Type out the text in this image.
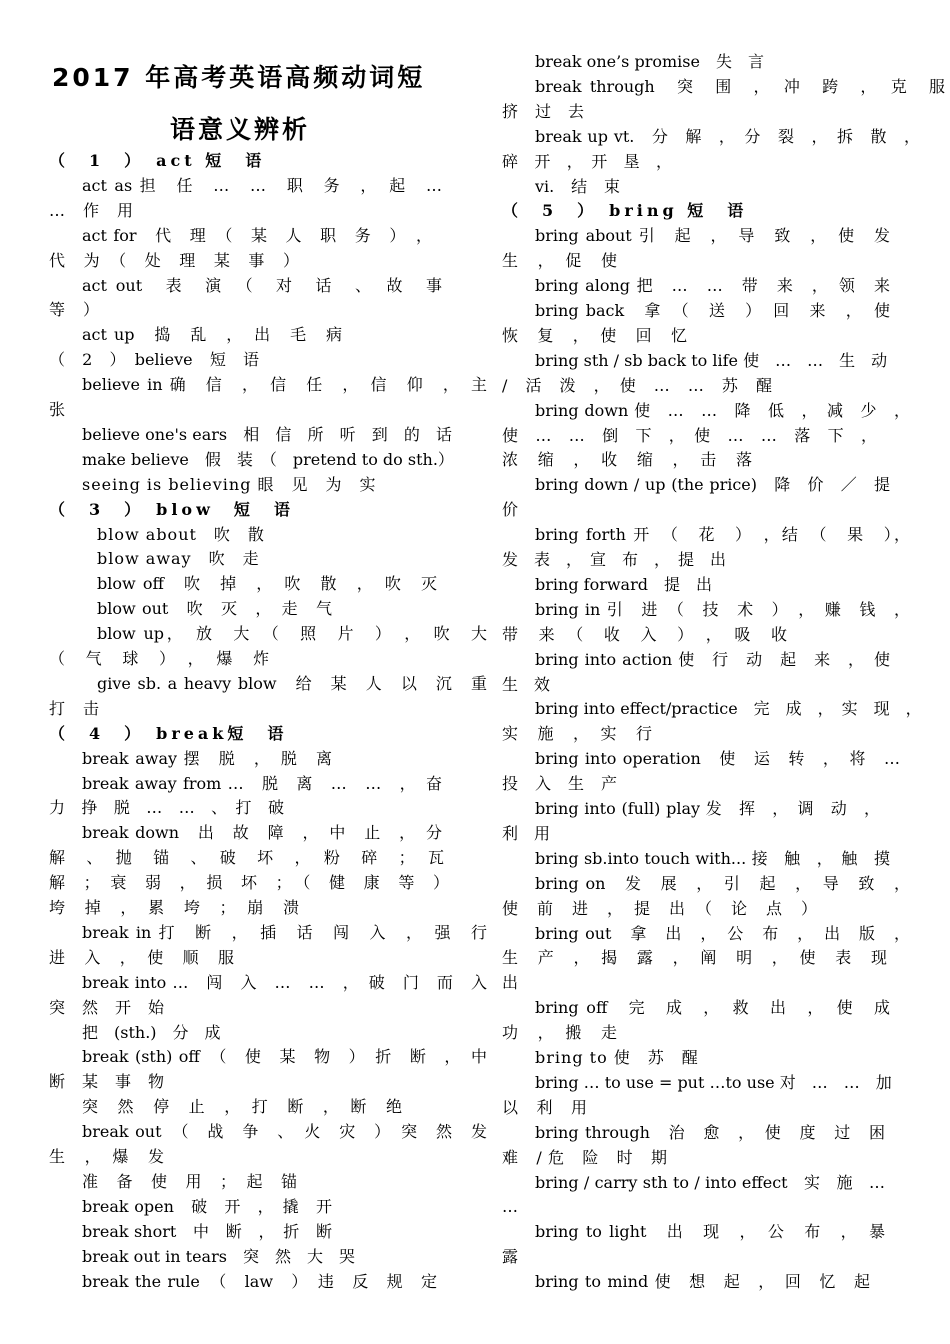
2017 年高考英语高频动词短
语意义辨析
（　1　）　act 短　语
act as 担　任　…　…　职　务　，　起　…
…　作　用
act for　代　理　（　某　人　职　务　）　，
代　为　（　处　理　某　事　）
act out　表　演　（　对　话　、　故　事
等　）
act up　捣　乱　，　出　毛　病
（　2　）　believe　短　语
believe in 确　信　，　信　任　，　信　仰　，　主
张
believe one's ears　相　信　所　听　到　的　话
make believe　假　装　（　pretend to do sth.）
seeing is believing 眼　见　为　实
（　3　）　blow　短　语
blow about　吹　散
blow away　吹　走
blow off　吹　掉　，　吹　散　，　吹　灭
blow out　吹　灭　，　走　气
blow up，　放　大　（　照　片　）　，　吹　大
（　气　球　）　，　爆　炸
give sb. a heavy blow　给　某　人　以　沉　重
打　击
（　4　）　break短　语
break away 摆　脱　，　脱　离
break away from …　脱　离　…　…　，　奋
力　挣　脱　…　…　、　打　破
break down　出　故　障　，　中　止　，　分
解　、　抛　锚　、　破　坏　，　粉　碎　；　瓦
解　；　衰　弱　，　损　坏　；　（　健　康　等　）
垮　掉　，　累　垮　；　崩　溃
break in 打　断　，　插　话　闯　入　，　强　行
进　入　，　使　顺　服
break into …　闯　入　…　…　，　破　门　而　入
突　然　开　始
把　(sth.)　分　成
break (sth) off　（　使　某　物　）　折　断　，　中
断　某　事　物
突　然　停　止　，　打　断　，　断　绝
break out　（　战　争　、　火　灾　）　突　然　发
生　，　爆　发
准　备　使　用　；　起　锚
break open　破　开　，　撬　开
break short　中　断　，　折　断
break out in tears　突　然　大　哭
break the rule　（　law　）　违　反　规　定
break one’s promise　失　言
break through　突　围　，　冲　跨　，　克　服
挤　过　去
break up vt.　分　解　，　分　裂　，　拆　散　，
碎　开　，　开　垦　，
vi.　结　束
（　5　）　bring 短　语
bring about 引　起　，　导　致　，　使　发
生　，　促　使
bring along 把　…　…　带　来　，　领　来
bring back　拿　（　送　）　回　来　，　使
恢　复　，　使　回　忆
bring sth / sb back to life 使　…　…　生　动
/　活　泼　，　使　…　…　苏　醒
bring down 使　…　…　降　低　，　减　少　，
使　…　…　倒　下　，　使　…　…　落　下　，
浓　缩　，　收　缩　，　击　落
bring down / up (the price)　降　价　／　提
价
bring forth 开　（　花　）　，结　（　果　），
发　表　，　宣　布　，　提　出
bring forward　提　出
bring in 引　进　（　技　术　）　，　赚　钱　，
带　来　（　收　入　）　，　吸　收
bring into action 使　行　动　起　来　，　使
生　效
bring into effect/practice　完　成　，　实　现　，
实　施　，　实　行
bring into operation　使　运　转　，　将　…
投　入　生　产
bring into (full) play 发　挥　，　调　动　，
利　用
bring sb.into touch with... 接　触　，　触　摸
bring on　发　展　，　引　起　，　导　致　，
使　前　进　，　提　出　（　论　点　）
bring out　拿　出　，　公　布　，　出　版　，
生　产　，　揭　露　，　阐　明　，　使　表　现
出
bring off　完　成　，　救　出　，　使　成
功　，　搬　走
bring to 使　苏　醒
bring … to use = put …to use 对　…　…　加
以　利　用
bring through　治　愈　，　使　度　过　困
难　/ 危　险　时　期
bring / carry sth to / into effect　实　施　…
…
bring to light　出　现　，　公　布　，　暴
露
bring to mind 使　想　起　，　回　忆　起
